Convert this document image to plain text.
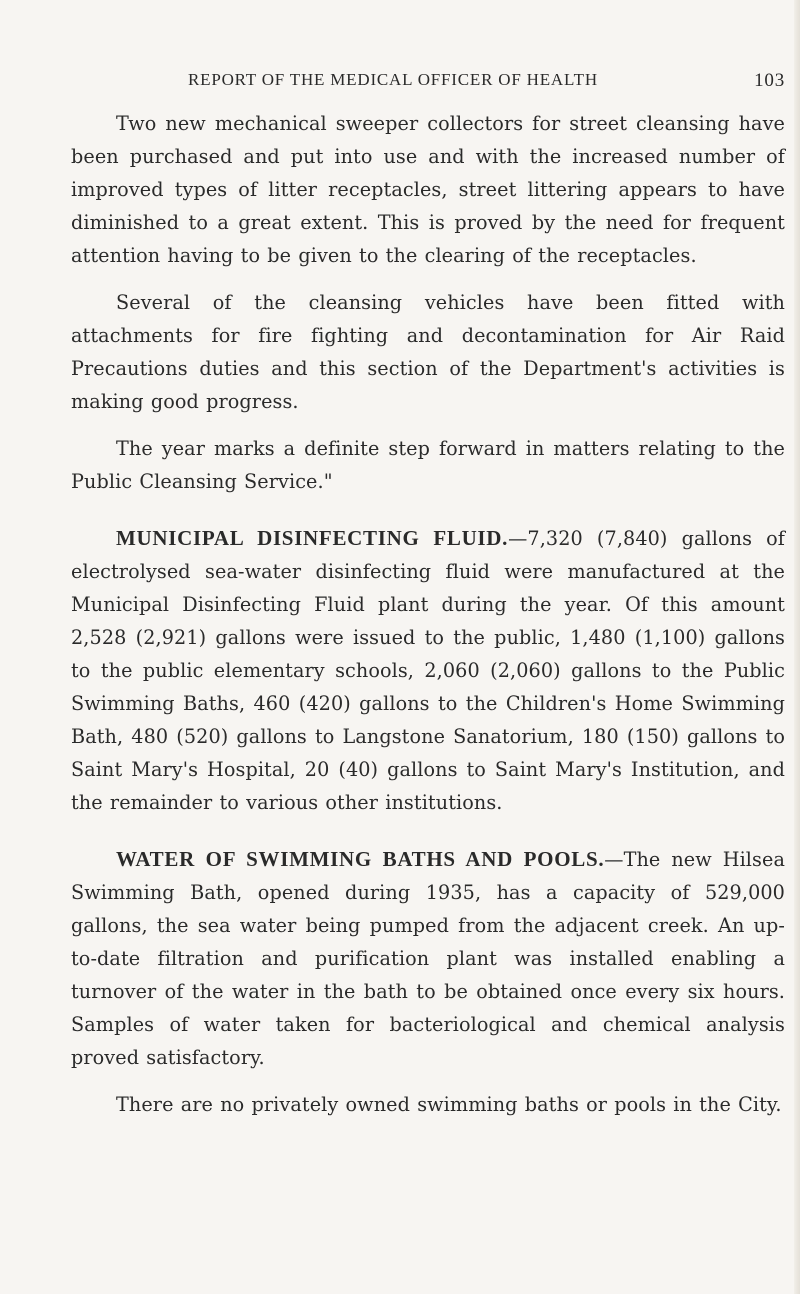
REPORT OF THE MEDICAL OFFICER OF HEALTH	103

Two new mechanical sweeper collectors for street cleansing have been purchased and put into use and with the increased number of improved types of litter receptacles, street littering appears to have diminished to a great extent. This is proved by the need for frequent attention having to be given to the clearing of the receptacles.

Several of the cleansing vehicles have been fitted with attachments for fire fighting and decontamination for Air Raid Precautions duties and this section of the Department's activities is making good progress.

The year marks a definite step forward in matters relating to the Public Cleansing Service."

MUNICIPAL DISINFECTING FLUID.—7,320 (7,840) gallons of electrolysed sea-water disinfecting fluid were manufactured at the Municipal Disinfecting Fluid plant during the year. Of this amount 2,528 (2,921) gallons were issued to the public, 1,480 (1,100) gallons to the public elementary schools, 2,060 (2,060) gallons to the Public Swimming Baths, 460 (420) gallons to the Children's Home Swimming Bath, 480 (520) gallons to Langstone Sanatorium, 180 (150) gallons to Saint Mary's Hospital, 20 (40) gallons to Saint Mary's Institution, and the remainder to various other institutions.

WATER OF SWIMMING BATHS AND POOLS.—The new Hilsea Swimming Bath, opened during 1935, has a capacity of 529,000 gallons, the sea water being pumped from the adjacent creek. An up-to-date filtration and purification plant was installed enabling a turnover of the water in the bath to be obtained once every six hours. Samples of water taken for bacteriological and chemical analysis proved satisfactory.

There are no privately owned swimming baths or pools in the City.
